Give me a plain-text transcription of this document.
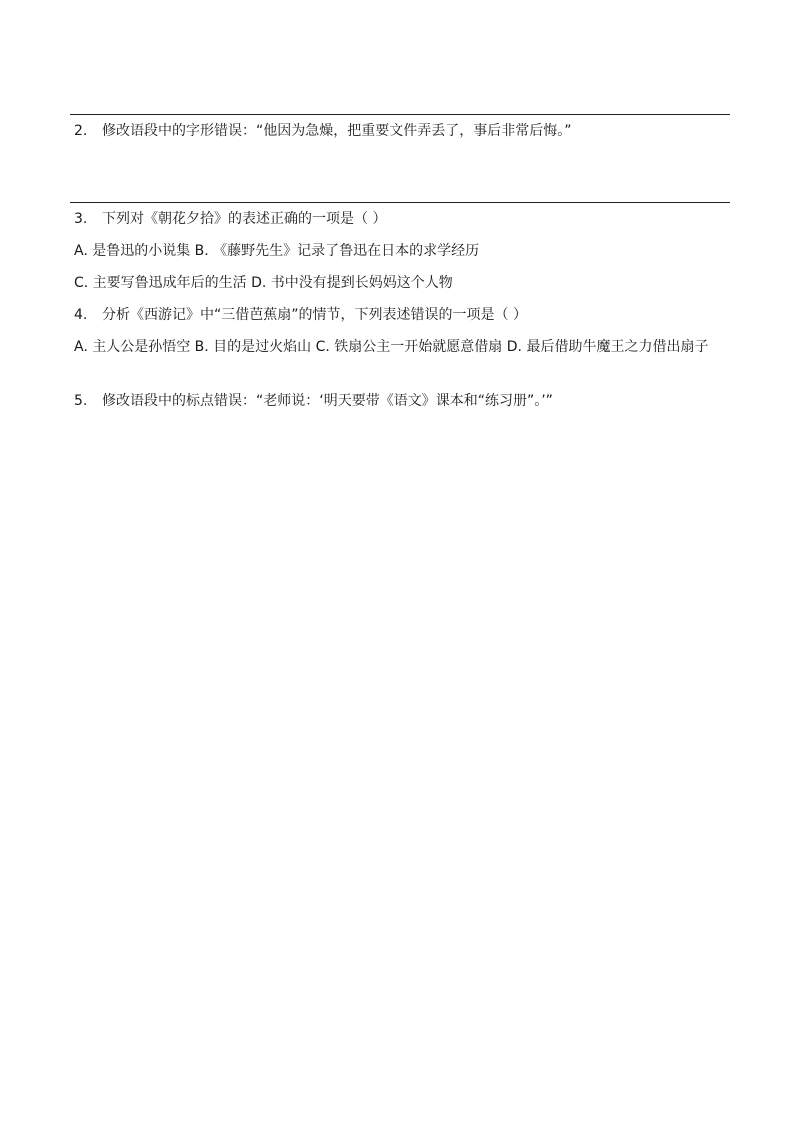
2. 修改语段中的字形错误：“他因为急燥，把重要文件弄丢了，事后非常后悔。”
3. 下列对《朝花夕拾》的表述正确的一项是（ ）
A. 是鲁迅的小说集 B. 《藤野先生》记录了鲁迅在日本的求学经历
C. 主要写鲁迅成年后的生活 D. 书中没有提到长妈妈这个人物
4. 分析《西游记》中“三借芭蕉扇”的情节，下列表述错误的一项是（ ）
A. 主人公是孙悟空 B. 目的是过火焰山 C. 铁扇公主一开始就愿意借扇 D. 最后借助牛魔王之力借出扇子
5. 修改语段中的标点错误：“老师说：‘明天要带《语文》课本和“练习册”。’”
